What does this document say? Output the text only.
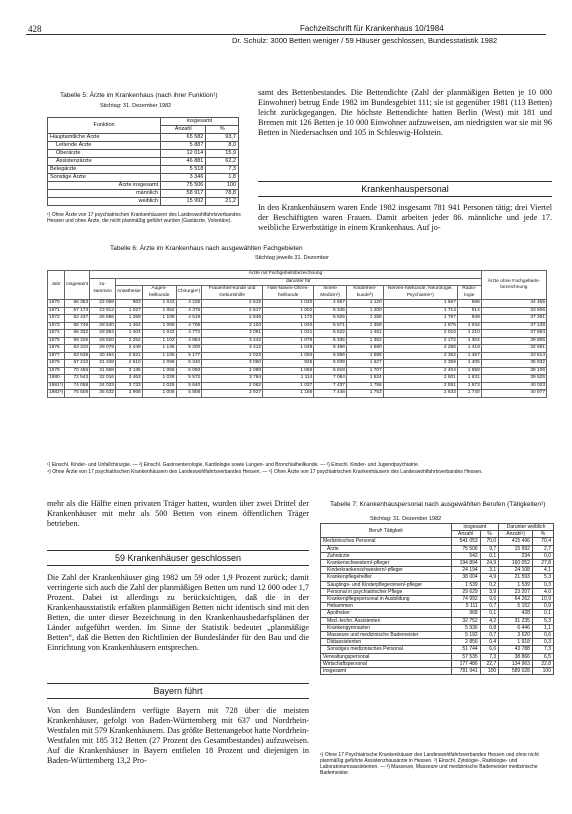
428	Fachzeitschrift für Krankenhaus 10/1984
Dr. Schulz: 3000 Betten weniger / 59 Häuser geschlossen, Bundesstatistik 1982
Tabelle 5: Ärzte im Krankenhaus (nach ihrer Funktion¹)
Stichtag: 31. Dezember 1982
Funktion	insgesamt	
	Anzahl	%
Hauptamtliche Ärzte	65 582	93,7
Leitende Ärzte	5 887	8,0
Oberärzte	12 014	15,9
Assistenzärzte	46 881	62,2
Belegärzte	5 518	7,3
Sonstige Ärzte	3 346	1,8
Ärzte insgesamt	75 506	100
männlich	58 917	78,8
weiblich	15 992	21,2
¹) Ohne Ärzte von 17 psychiatrischen Krankenhäusern des Landeswohlfahrtsverbandes Hessen und ohne Ärzte, die nicht planmäßig geführt wurden (Gastärzte, Volontäre).
samt des Bettenbestandes. Die Bettendichte (Zahl der planmäßigen Betten je 10 000 Einwohner) betrug Ende 1982 im Bundesgebiet 111; sie ist gegenüber 1981 (113 Betten) leicht zurückgegangen. Die höchste Bettendichte hatten Berlin (West) mit 181 und Bremen mit 126 Betten je 10 000 Einwohner aufzuweisen, am niedrigsten war sie mit 96 Betten in Niedersachsen und 105 in Schleswig-Holstein.
Krankenhauspersonal
In den Krankenhäusern waren Ende 1982 insgesamt 781 941 Personen tätig; drei Viertel der Beschäftigten waren Frauen. Damit arbeiten jeder 86. männliche und jede 17. weibliche Erwerbstätige in einem Krankenhaus. Auf jo-
Tabelle 6: Ärzte im Krankenhaus nach ausgewählten Fachgebieten
Stichtag jeweils 31. Dezember
Jahr	insgesamt	Ärzte mit Fachgebietsbezeichnung										Ärzte ohne Fachgebiets-bezeichnung
		zu-sammen	darunter für									
			Anästhesie	Augen-heilkunde	Chirurgie¹)	Frauenheil-kunde und Geburtshilfe	Hals-Nasen-Ohren-heilkunde	Innere Medizin²)	Kinderheil-kunde³)	Nerven-heilkunde, Neurologie, Psychiatrie⁴)	Radio-logie	
1970	56 353	22 068	963	1 043	4 226	2 615	1 040	4 657	1 120	1 667	888	34 465
1971	57 173	23 912	1 027	1 052	4 376	2 617	1 002	5 345	1 200	1 714	914	33 506
1972	62 437	26 596	1 258	1 109	4 519	2 646	1 172	5 825	1 256	1 787	949	37 261
1973	65 749	28 540	1 464	1 059	4 706	3 103	1 040	5 671	1 359	1 875	1 042	37 138
1974	66 332	28 884	1 404	1 042	4 772	3 091	1 031	5 522	1 451	2 016	1 210	37 864
1975	69 326	28 820	2 252	1 102	4 864	3 442	1 079	6 335	1 362	2 172	1 304	39 805
1976	63 310	29 079	2 449	1 145	5 200	3 412	1 049	6 496	1 580	2 256	1 419	32 691
1977	63 538	30 494	2 521	1 105	5 177	2 023	1 050	6 856	1 596	2 352	1 467	33 614
1978	67 210	31 348	2 610	1 096	5 340	3 060	926	6 839	1 627	2 359	1 405	35 832
1979	70 456	31 668	3 135	1 058	5 050	2 088	1 066	6 818	1 707	2 404	1 558	38 106
1980	72 543	32 016	3 463	1 028	5 572	3 784	1 114	7 064	1 624	2 501	1 631	39 525
1981⁵)	74 058	34 033	3 733	1 025	5 640	2 062	1 037	7 437	1 756	2 551	1 673	40 023
1982⁵)	75 508	35 532	3 968	1 006	5 808	3 927	1 156	7 448	1 753	2 633	1 740	40 977
¹) Einschl. Kinder- und Unfallchirurgie. — ²) Einschl. Gastroenterologie, Kardiologie sowie Lungen- und Bronchialheilkunde. — ³) Einschl. Kinder- und Jugendpsychiatrie.
⁴) Ohne Ärzte von 17 psychiatrischen Krankenhäusern des Landeswohlfahrtsverbandes Hessen. — ⁵) Ohne Ärzte von 17 psychiatrischen Krankenhäusern des Landeswohlfahrtsverbandes Hessen.
mehr als die Hälfte einen privaten Träger hatten, wurden über zwei Drittel der Krankenhäuser mit mehr als 500 Betten von einem öffentlichen Träger betrieben.
59 Krankenhäuser geschlossen
Die Zahl der Krankenhäuser ging 1982 um 59 oder 1,9 Prozent zurück; damit verringerte sich auch die Zahl der planmäßigen Betten um rund 12 000 oder 1,7 Prozent. Dabei ist allerdings zu berücksichtigen, daß die in der Krankenhausstatistik erfaßten planmäßigen Betten nicht identisch sind mit den Betten, die unter dieser Bezeichnung in den Krankenhausbedarfsplänen der Länder aufgeführt werden. Im Sinne der Statistik bedeutet „planmäßige Betten“, daß die Betten den Richtlinien der Bundesländer für den Bau und die Einrichtung von Krankenhäusern entsprechen.
Bayern führt
Von den Bundesländern verfügte Bayern mit 728 über die meisten Krankenhäuser, gefolgt von Baden-Württemberg mit 637 und Nordrhein-Westfalen mit 579 Krankenhäusern. Das größte Bettenangebot hatte Nordrhein-Westfalen mit 185 312 Betten (27 Prozent des Gesamtbestandes) aufzuweisen. Auf die Krankenhäuser in Bayern entfielen 18 Prozent und diejenigen in Baden-Württemberg 13,2 Pro-
Tabelle 7: Krankenhauspersonal nach ausgewählten Berufen (Tätigkeiten¹)
Stichtag: 31. Dezember 1982
Beruf¹ Tätigkeit	insgesamt		Darunter weiblich	
	Anzahl	%	Anzahl¹)	%
Medizinisches Personal	541 053	70,0	415 496	70,4
Ärzte	75 506	9,7	15 992	2,7
Zahnärzte	542	0,1	234	0,0
Krankenschwestern/-pfleger	194 894	24,9	160 052	27,8
Kinderkrankenschwestern/-pfleger	24 194	3,1	24 108	4,1
Krankenpflegehelfer	38 004	4,9	21 593	5,3
Säuglings- und Kinderpflegerinnen/-pfleger	1 539	0,2	1 539	0,3
Personal in psychiatrischer Pflege	29 629	3,9	23 207	4,0
Krankenpflegepersonal in Ausbildung	74 992	9,6	64 262	10,9
Hebammen	5 111	0,7	5 152	0,9
Apotheker	968	0,1	428	0,1
Med.-techn. Assistenten	32 752	4,2	31 235	5,3
Krankengymnasten	5 936	0,8	6 446	1,1
Masseure und medizinische Bademeister	5 192	0,7	3 620	0,6
Diätassistenten	2 856	0,4	1 918	0,3
Sonstiges medizinisches Personal	51 744	6,6	43 788	7,3
Verwaltungspersonal	57 535	7,3	38 866	6,5
Wirtschaftspersonal	177 486	22,7	134 963	22,8
Insgesamt	781 941	100	589 028	100
¹) Ohne 17 Psychiatrische Krankenhäuser des Landeswohlfahrtsverbandes Hessen und ohne nicht planmäßig geführte Assistenzhausärzte in Hessen. ²) Einschl. Zytologie-, Radiologie- und Laboratoriumsassistenten. — ³) Masseure, Masseure und medizinische Bademeister medizinische Bademeister.
